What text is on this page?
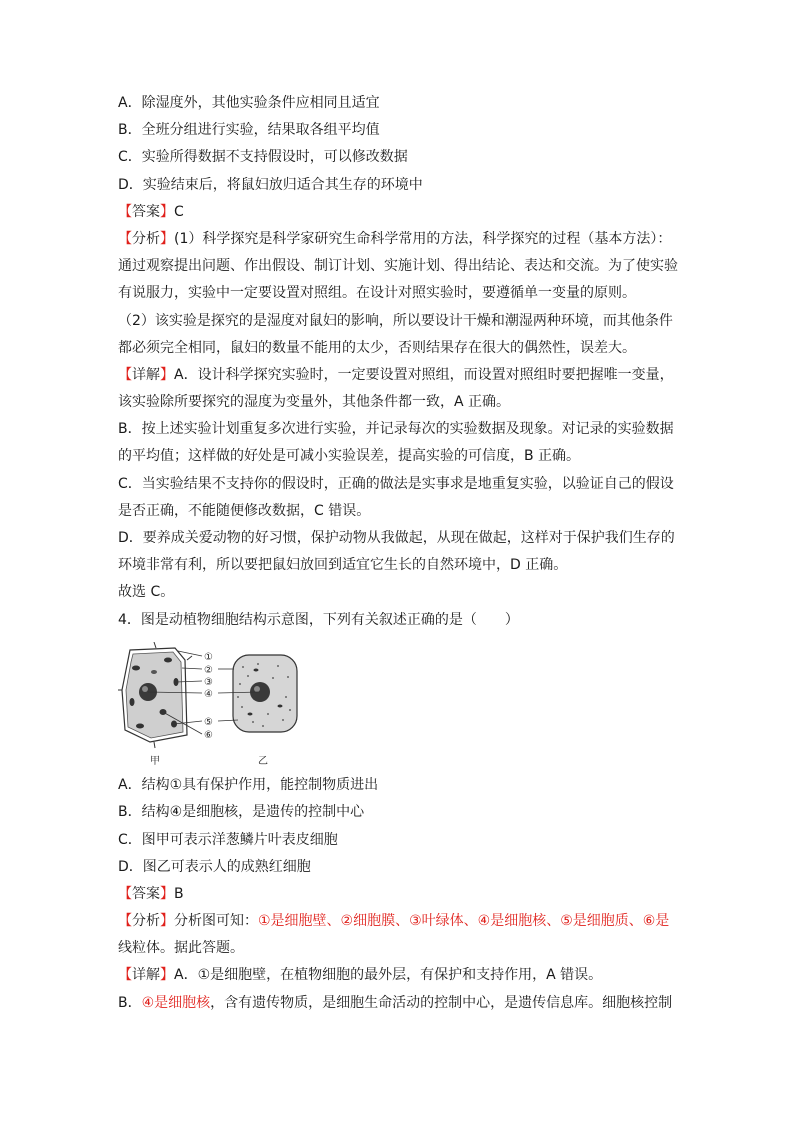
A．除湿度外，其他实验条件应相同且适宜
B．全班分组进行实验，结果取各组平均值
C．实验所得数据不支持假设时，可以修改数据
D．实验结束后，将鼠妇放归适合其生存的环境中
【答案】C
【分析】(1）科学探究是科学家研究生命科学常用的方法，科学探究的过程（基本方法）：
通过观察提出问题、作出假设、制订计划、实施计划、得出结论、表达和交流。为了使实验
有说服力，实验中一定要设置对照组。在设计对照实验时，要遵循单一变量的原则。
（2）该实验是探究的是湿度对鼠妇的影响，所以要设计干燥和潮湿两种环境，而其他条件
都必须完全相同，鼠妇的数量不能用的太少，否则结果存在很大的偶然性，误差大。
【详解】A．设计科学探究实验时，一定要设置对照组，而设置对照组时要把握唯一变量，
该实验除所要探究的湿度为变量外，其他条件都一致，A 正确。
B．按上述实验计划重复多次进行实验，并记录每次的实验数据及现象。对记录的实验数据
的平均值；这样做的好处是可减小实验误差，提高实验的可信度，B 正确。
C．当实验结果不支持你的假设时，正确的做法是实事求是地重复实验，以验证自己的假设
是否正确，不能随便修改数据，C 错误。
D．要养成关爱动物的好习惯，保护动物从我做起，从现在做起，这样对于保护我们生存的
环境非常有利，所以要把鼠妇放回到适宜它生长的自然环境中，D 正确。
故选 C。
4．图是动植物细胞结构示意图，下列有关叙述正确的是（　　）
①
②
③
④
⑤
⑥
甲	乙
A．结构①具有保护作用，能控制物质进出
B．结构④是细胞核，是遗传的控制中心
C．图甲可表示洋葱鳞片叶表皮细胞
D．图乙可表示人的成熟红细胞
【答案】B
【分析】分析图可知：①是细胞壁、②细胞膜、③叶绿体、④是细胞核、⑤是细胞质、⑥是
线粒体。据此答题。
【详解】A．①是细胞壁，在植物细胞的最外层，有保护和支持作用，A 错误。
B．④是细胞核，含有遗传物质，是细胞生命活动的控制中心，是遗传信息库。细胞核控制
